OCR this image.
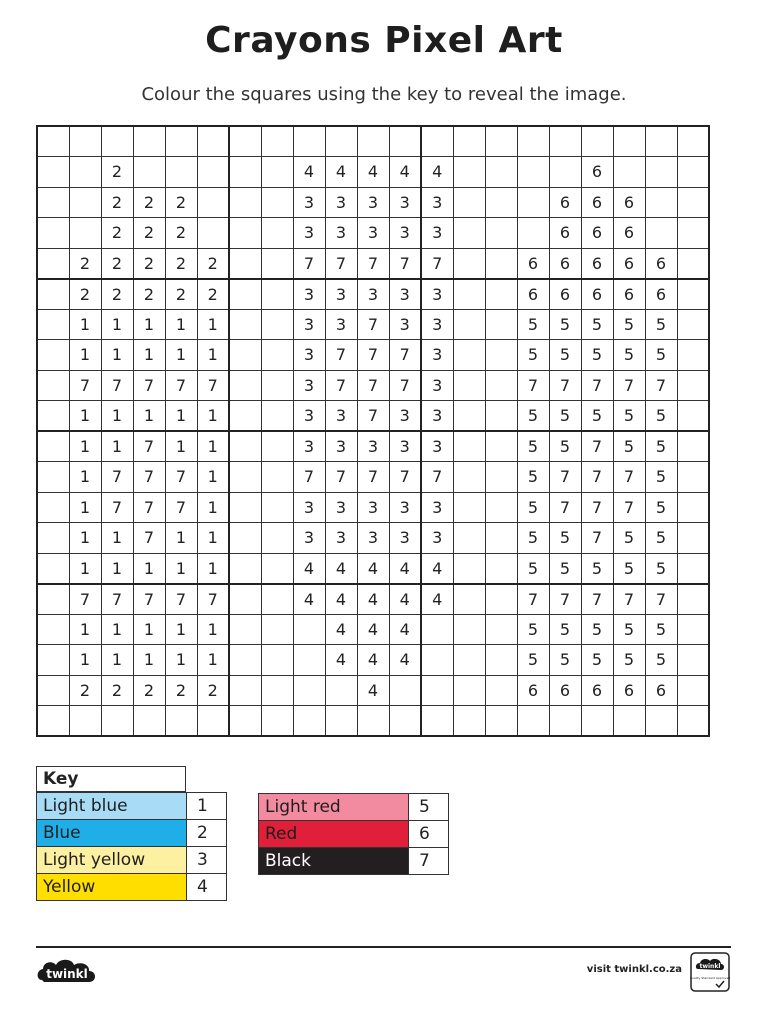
Crayons Pixel Art
Colour the squares using the key to reveal the image.

		2						4	4	4	4	4					6			
		2	2	2				3	3	3	3	3				6	6	6		
		2	2	2				3	3	3	3	3				6	6	6		
	2	2	2	2	2			7	7	7	7	7			6	6	6	6	6	
	2	2	2	2	2			3	3	3	3	3			6	6	6	6	6	
	1	1	1	1	1			3	3	7	3	3			5	5	5	5	5	
	1	1	1	1	1			3	7	7	7	3			5	5	5	5	5	
	7	7	7	7	7			3	7	7	7	3			7	7	7	7	7	
	1	1	1	1	1			3	3	7	3	3			5	5	5	5	5	
	1	1	7	1	1			3	3	3	3	3			5	5	7	5	5	
	1	7	7	7	1			7	7	7	7	7			5	7	7	7	5	
	1	7	7	7	1			3	3	3	3	3			5	7	7	7	5	
	1	1	7	1	1			3	3	3	3	3			5	5	7	5	5	
	1	1	1	1	1			4	4	4	4	4			5	5	5	5	5	
	7	7	7	7	7			4	4	4	4	4			7	7	7	7	7	
	1	1	1	1	1				4	4	4				5	5	5	5	5	
	1	1	1	1	1				4	4	4				5	5	5	5	5	
	2	2	2	2	2					4					6	6	6	6	6	

Key
Light blue	1
Blue	2
Light yellow	3
Yellow	4
Light red	5
Red	6
Black	7
twinkl	visit twinkl.co.za	twinkl
Quality Standard Approved
